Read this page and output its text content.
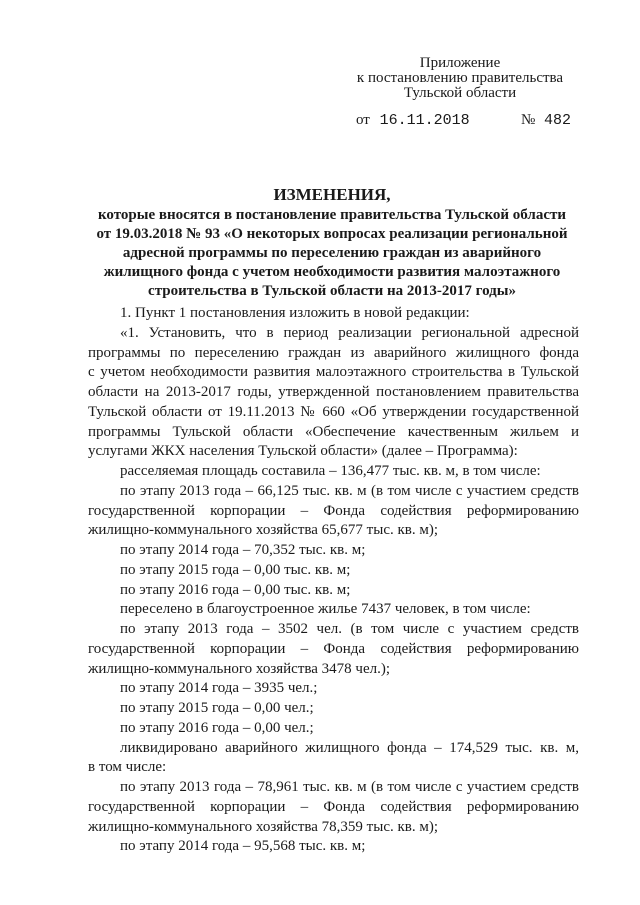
Приложение
к постановлению правительства
Тульской области
от 16.11.2018	№ 482
ИЗМЕНЕНИЯ,
которые вносятся в постановление правительства Тульской области
от 19.03.2018 № 93 «О некоторых вопросах реализации региональной
адресной программы по переселению граждан из аварийного
жилищного фонда с учетом необходимости развития малоэтажного
строительства в Тульской области на 2013-2017 годы»
1. Пункт 1 постановления изложить в новой редакции:
«1. Установить, что в период реализации региональной адресной
программы по переселению граждан из аварийного жилищного фонда
с учетом необходимости развития малоэтажного строительства в Тульской
области на 2013-2017 годы, утвержденной постановлением правительства
Тульской области от 19.11.2013 № 660 «Об утверждении государственной
программы Тульской области «Обеспечение качественным жильем и
услугами ЖКХ населения Тульской области» (далее – Программа):
расселяемая площадь составила – 136,477 тыс. кв. м, в том числе:
по этапу 2013 года – 66,125 тыс. кв. м (в том числе с участием средств
государственной корпорации – Фонда содействия реформированию
жилищно-коммунального хозяйства 65,677 тыс. кв. м);
по этапу 2014 года – 70,352 тыс. кв. м;
по этапу 2015 года – 0,00 тыс. кв. м;
по этапу 2016 года – 0,00 тыс. кв. м;
переселено в благоустроенное жилье 7437 человек, в том числе:
по этапу 2013 года – 3502 чел. (в том числе с участием средств
государственной корпорации – Фонда содействия реформированию
жилищно-коммунального хозяйства 3478 чел.);
по этапу 2014 года – 3935 чел.;
по этапу 2015 года – 0,00 чел.;
по этапу 2016 года – 0,00 чел.;
ликвидировано аварийного жилищного фонда – 174,529 тыс. кв. м,
в том числе:
по этапу 2013 года – 78,961 тыс. кв. м (в том числе с участием средств
государственной корпорации – Фонда содействия реформированию
жилищно-коммунального хозяйства 78,359 тыс. кв. м);
по этапу 2014 года – 95,568 тыс. кв. м;
